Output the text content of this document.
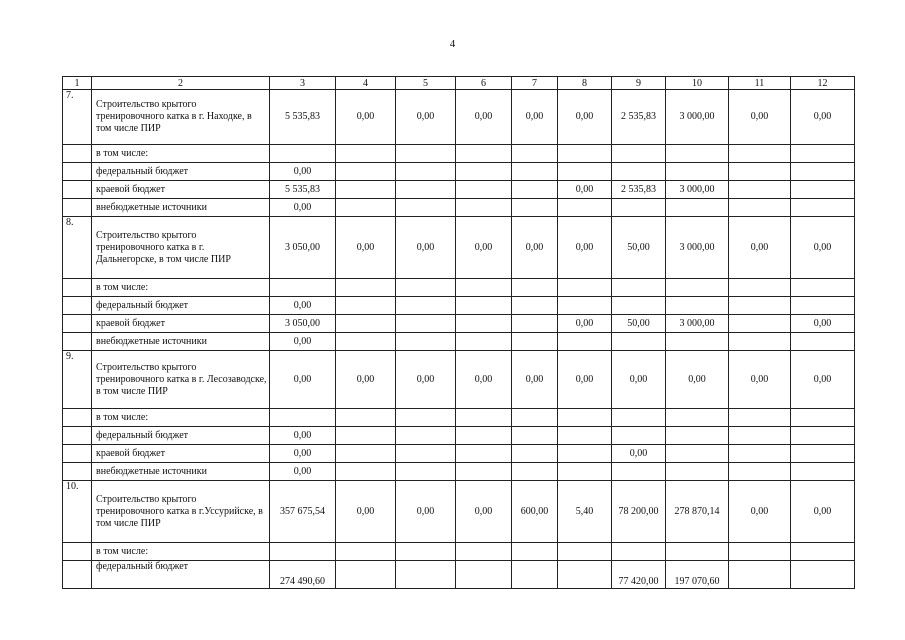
4
1	2	3	4	5	6	7	8	9	10	11	12
7.	Строительство крытого тренировочного катка в г. Находке, в том числе ПИР	5 535,83	0,00	0,00	0,00	0,00	0,00	2 535,83	3 000,00	0,00	0,00
	в том числе:										
	федеральный бюджет	0,00									
	краевой бюджет	5 535,83					0,00	2 535,83	3 000,00		
	внебюджетные источники	0,00									
8.	Строительство крытого тренировочного катка в г. Дальнегорске, в том числе ПИР	3 050,00	0,00	0,00	0,00	0,00	0,00	50,00	3 000,00	0,00	0,00
	в том числе:										
	федеральный бюджет	0,00									
	краевой бюджет	3 050,00					0,00	50,00	3 000,00		0,00
	внебюджетные источники	0,00									
9.	Строительство крытого тренировочного катка в г. Лесозаводске, в том числе ПИР	0,00	0,00	0,00	0,00	0,00	0,00	0,00	0,00	0,00	0,00
	в том числе:										
	федеральный бюджет	0,00									
	краевой бюджет	0,00						0,00			
	внебюджетные источники	0,00									
10.	Строительство крытого тренировочного катка в г.Уссурийске, в том числе ПИР	357 675,54	0,00	0,00	0,00	600,00	5,40	78 200,00	278 870,14	0,00	0,00
	в том числе:										
	федеральный бюджет	274 490,60						77 420,00	197 070,60		
